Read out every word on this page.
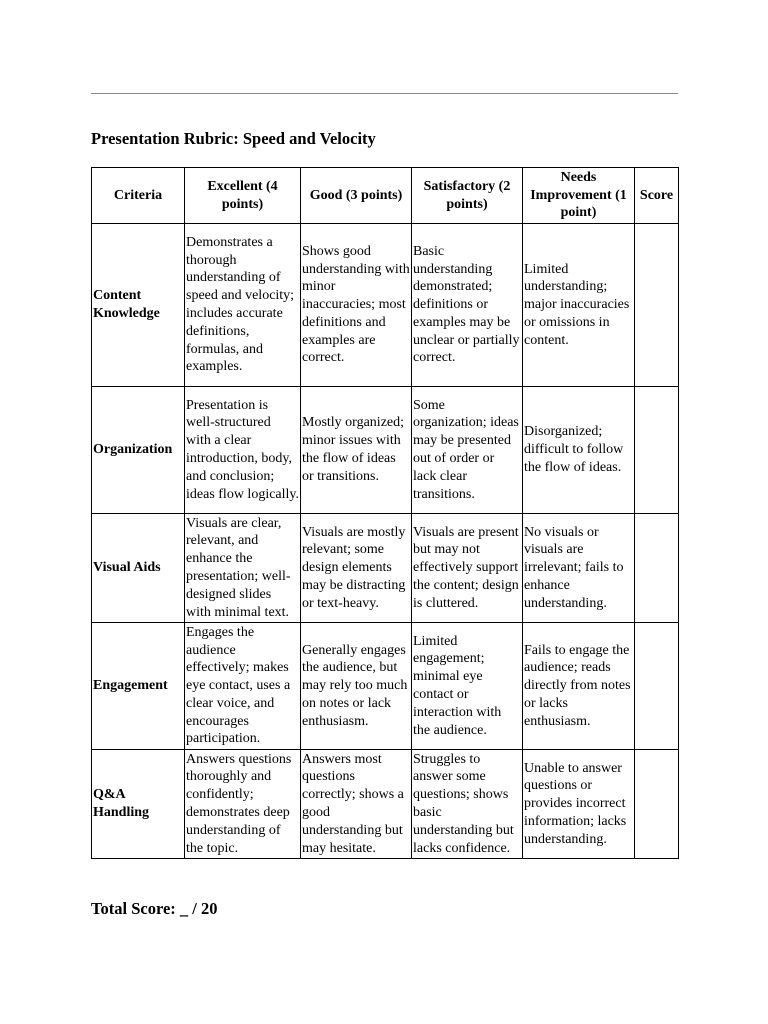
Presentation Rubric: Speed and Velocity
Criteria	Excellent (4 points)	Good (3 points)	Satisfactory (2 points)	Needs Improvement (1 point)	Score
Content Knowledge	Demonstrates a thorough understanding of speed and velocity; includes accurate definitions, formulas, and examples.	Shows good understanding with minor inaccuracies; most definitions and examples are correct.	Basic understanding demonstrated; definitions or examples may be unclear or partially correct.	Limited understanding; major inaccuracies or omissions in content.	
Organization	Presentation is well-structured with a clear introduction, body, and conclusion; ideas flow logically.	Mostly organized; minor issues with the flow of ideas or transitions.	Some organization; ideas may be presented out of order or lack clear transitions.	Disorganized; difficult to follow the flow of ideas.	
Visual Aids	Visuals are clear, relevant, and enhance the presentation; well-designed slides with minimal text.	Visuals are mostly relevant; some design elements may be distracting or text-heavy.	Visuals are present but may not effectively support the content; design is cluttered.	No visuals or visuals are irrelevant; fails to enhance understanding.	
Engagement	Engages the audience effectively; makes eye contact, uses a clear voice, and encourages participation.	Generally engages the audience, but may rely too much on notes or lack enthusiasm.	Limited engagement; minimal eye contact or interaction with the audience.	Fails to engage the audience; reads directly from notes or lacks enthusiasm.	
Q&A Handling	Answers questions thoroughly and confidently; demonstrates deep understanding of the topic.	Answers most questions correctly; shows a good understanding but may hesitate.	Struggles to answer some questions; shows basic understanding but lacks confidence.	Unable to answer questions or provides incorrect information; lacks understanding.	

Total Score: _ / 20
